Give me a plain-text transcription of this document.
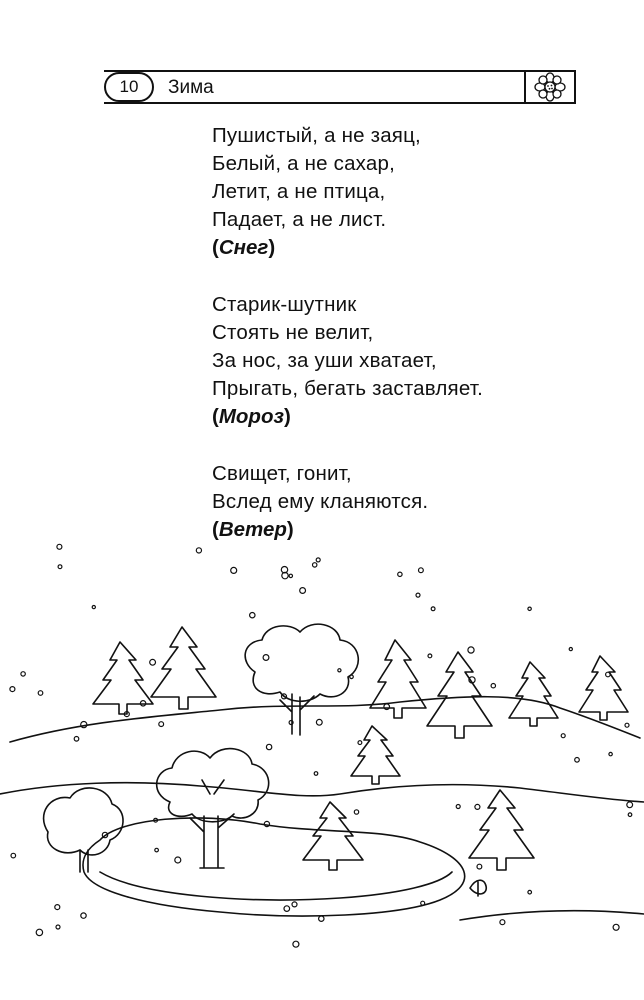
10	Зима
Пушистый, а не заяц,
Белый, а не сахар,
Летит, а не птица,
Падает, а не лист.
(Снег)
Старик-шутник
Стоять не велит,
За нос, за уши хватает,
Прыгать, бегать заставляет.
(Мороз)
Свищет, гонит,
Вслед ему кланяются.
(Ветер)
